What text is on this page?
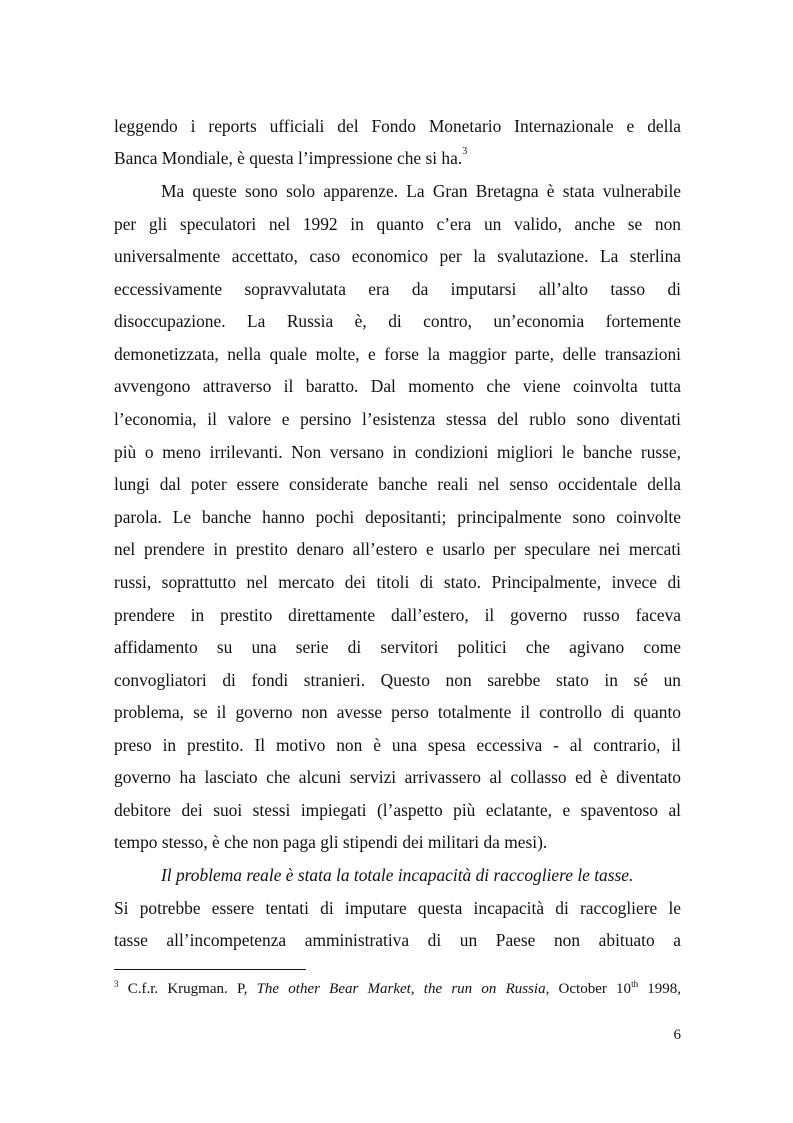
leggendo i reports ufficiali del Fondo Monetario Internazionale e della
Banca Mondiale, è questa l’impressione che si ha.$^3$
Ma queste sono solo apparenze. La Gran Bretagna è stata vulnerabile
per gli speculatori nel 1992 in quanto c’era un valido, anche se non
universalmente accettato, caso economico per la svalutazione. La sterlina
eccessivamente sopravvalutata era da imputarsi all’alto tasso di
disoccupazione. La Russia è, di contro, un’economia fortemente
demonetizzata, nella quale molte, e forse la maggior parte, delle transazioni
avvengono attraverso il baratto. Dal momento che viene coinvolta tutta
l’economia, il valore e persino l’esistenza stessa del rublo sono diventati
più o meno irrilevanti. Non versano in condizioni migliori le banche russe,
lungi dal poter essere considerate banche reali nel senso occidentale della
parola. Le banche hanno pochi depositanti; principalmente sono coinvolte
nel prendere in prestito denaro all’estero e usarlo per speculare nei mercati
russi, soprattutto nel mercato dei titoli di stato. Principalmente, invece di
prendere in prestito direttamente dall’estero, il governo russo faceva
affidamento su una serie di servitori politici che agivano come
convogliatori di fondi stranieri. Questo non sarebbe stato in sé un
problema, se il governo non avesse perso totalmente il controllo di quanto
preso in prestito. Il motivo non è una spesa eccessiva - al contrario, il
governo ha lasciato che alcuni servizi arrivassero al collasso ed è diventato
debitore dei suoi stessi impiegati (l’aspetto più eclatante, e spaventoso al
tempo stesso, è che non paga gli stipendi dei militari da mesi).
Il problema reale è stata la totale incapacità di raccogliere le tasse.
Si potrebbe essere tentati di imputare questa incapacità di raccogliere le
tasse all’incompetenza amministrativa di un Paese non abituato a
$^3$ C.f.r. Krugman. P, The other Bear Market, the run on Russia, October 10th 1998,
6
